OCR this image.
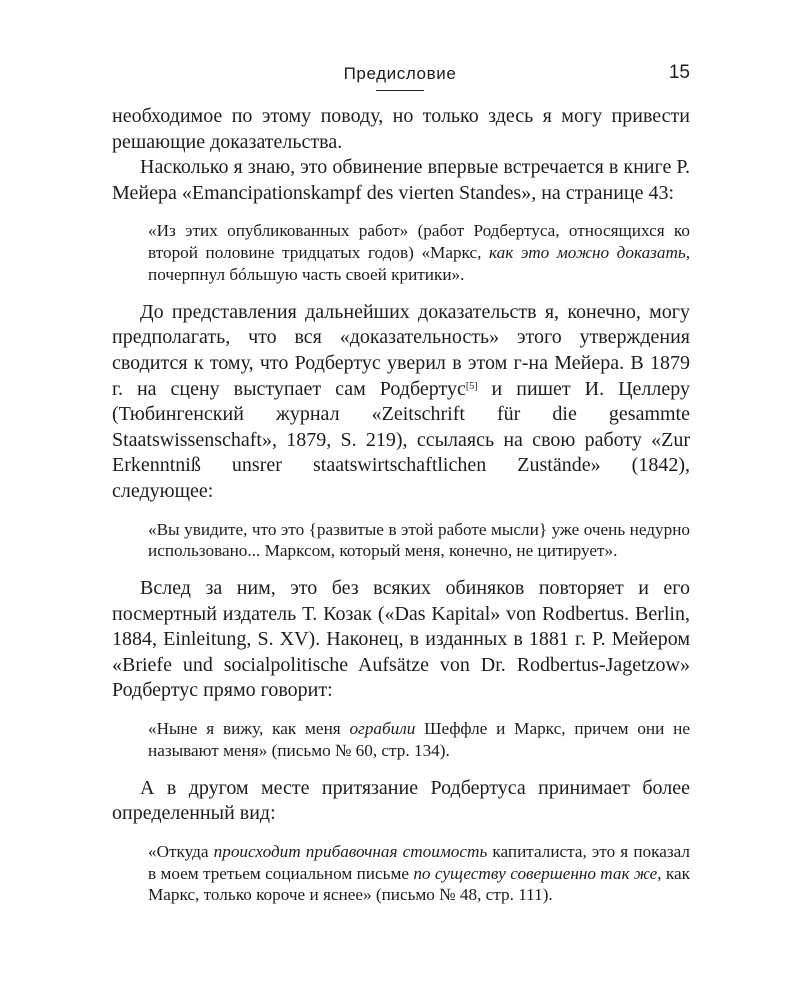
Предисловие	15

необходимое по этому поводу, но только здесь я могу привести решающие доказательства.

Насколько я знаю, это обвинение впервые встречается в книге Р. Мейера «Emancipationskampf des vierten Standes», на странице 43:

«Из этих опубликованных работ» (работ Родбертуса, относящихся ко второй половине тридцатых годов) «Маркс, как это можно доказать, почерпнул бóльшую часть своей критики».

До представления дальнейших доказательств я, конечно, могу предполагать, что вся «доказательность» этого утверждения сводится к тому, что Родбертус уверил в этом г-на Мейера. В 1879 г. на сцену выступает сам Родбертус[5] и пишет И. Целлеру (Тюбингенский журнал «Zeitschrift für die gesammte Staatswissenschaft», 1879, S. 219), ссылаясь на свою работу «Zur Erkenntniß unsrer staatswirtschaftlichen Zustände» (1842), следующее:

«Вы увидите, что это {развитые в этой работе мысли} уже очень недурно использовано... Марксом, который меня, конечно, не цитирует».

Вслед за ним, это без всяких обиняков повторяет и его посмертный издатель Т. Козак («Das Kapital» von Rodbertus. Berlin, 1884, Einleitung, S. XV). Наконец, в изданных в 1881 г. Р. Мейером «Briefe und socialpolitische Aufsätze von Dr. Rodbertus-Jagetzow» Родбертус прямо говорит:

«Ныне я вижу, как меня ограбили Шеффле и Маркс, причем они не называют меня» (письмо № 60, стр. 134).

А в другом месте притязание Родбертуса принимает более определенный вид:

«Откуда происходит прибавочная стоимость капиталиста, это я показал в моем третьем социальном письме по существу совершенно так же, как Маркс, только короче и яснее» (письмо № 48, стр. 111).
